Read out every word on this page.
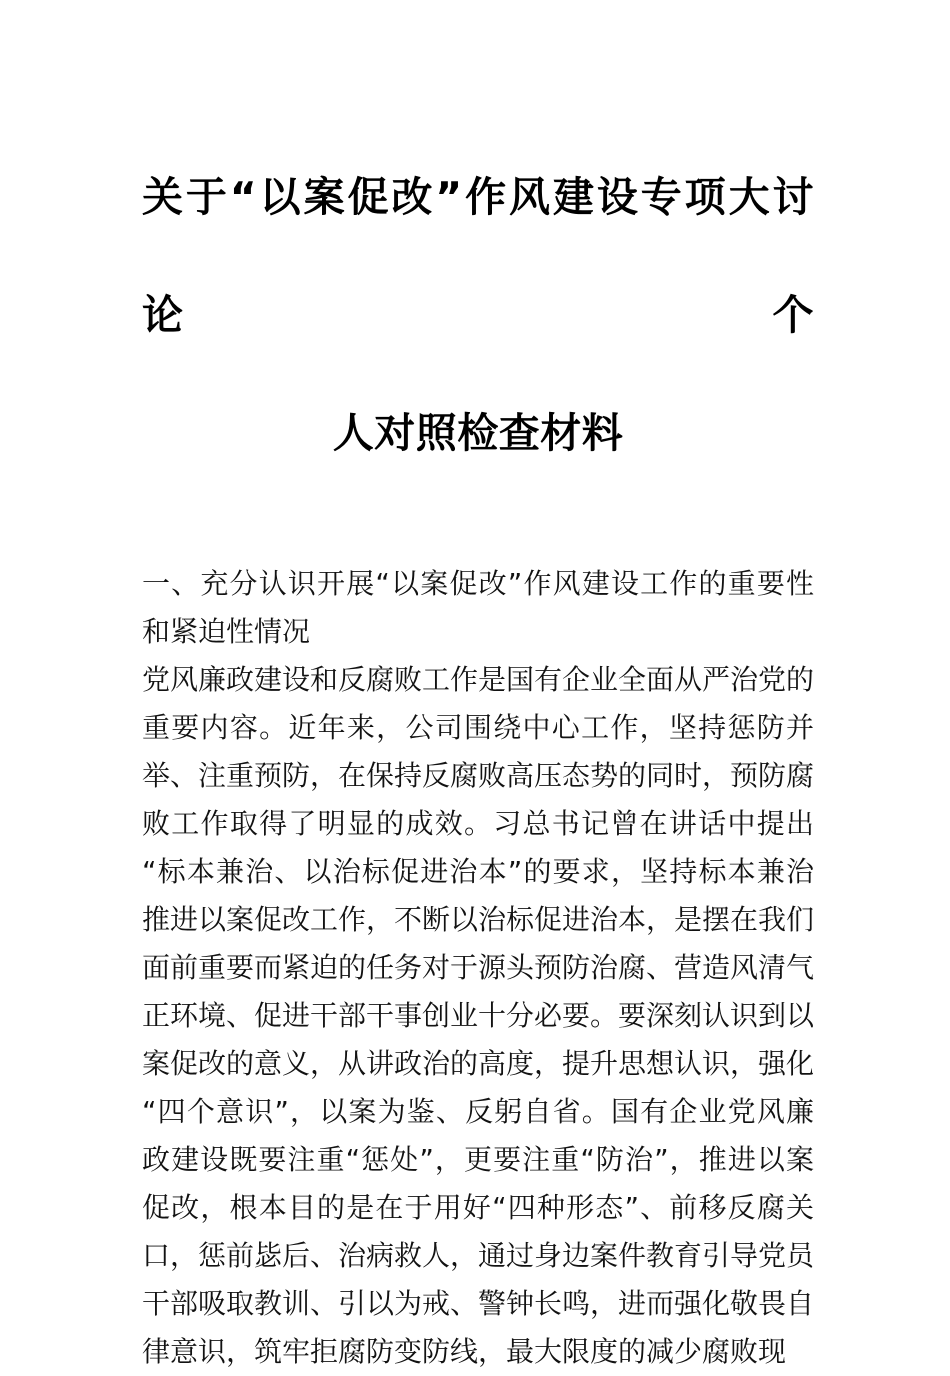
关于“以案促改”作风建设专项大讨论个
人对照检查材料

一、充分认识开展“以案促改”作风建设工作的重要性和紧迫性情况

党风廉政建设和反腐败工作是国有企业全面从严治党的重要内容。近年来，公司围绕中心工作，坚持惩防并举、注重预防，在保持反腐败高压态势的同时，预防腐败工作取得了明显的成效。习总书记曾在讲话中提出“标本兼治、以治标促进治本”的要求，坚持标本兼治推进以案促改工作，不断以治标促进治本，是摆在我们面前重要而紧迫的任务对于源头预防治腐、营造风清气正环境、促进干部干事创业十分必要。要深刻认识到以案促改的意义，从讲政治的高度，提升思想认识，强化“四个意识”，以案为鉴、反躬自省。国有企业党风廉政建设既要注重“惩处”，更要注重“防治”，推进以案促改，根本目的是在于用好“四种形态”、前移反腐关口，惩前毖后、治病救人，通过身边案件教育引导党员干部吸取教训、引以为戒、警钟长鸣，进而强化敬畏自律意识，筑牢拒腐防变防线，最大限度的减少腐败现
